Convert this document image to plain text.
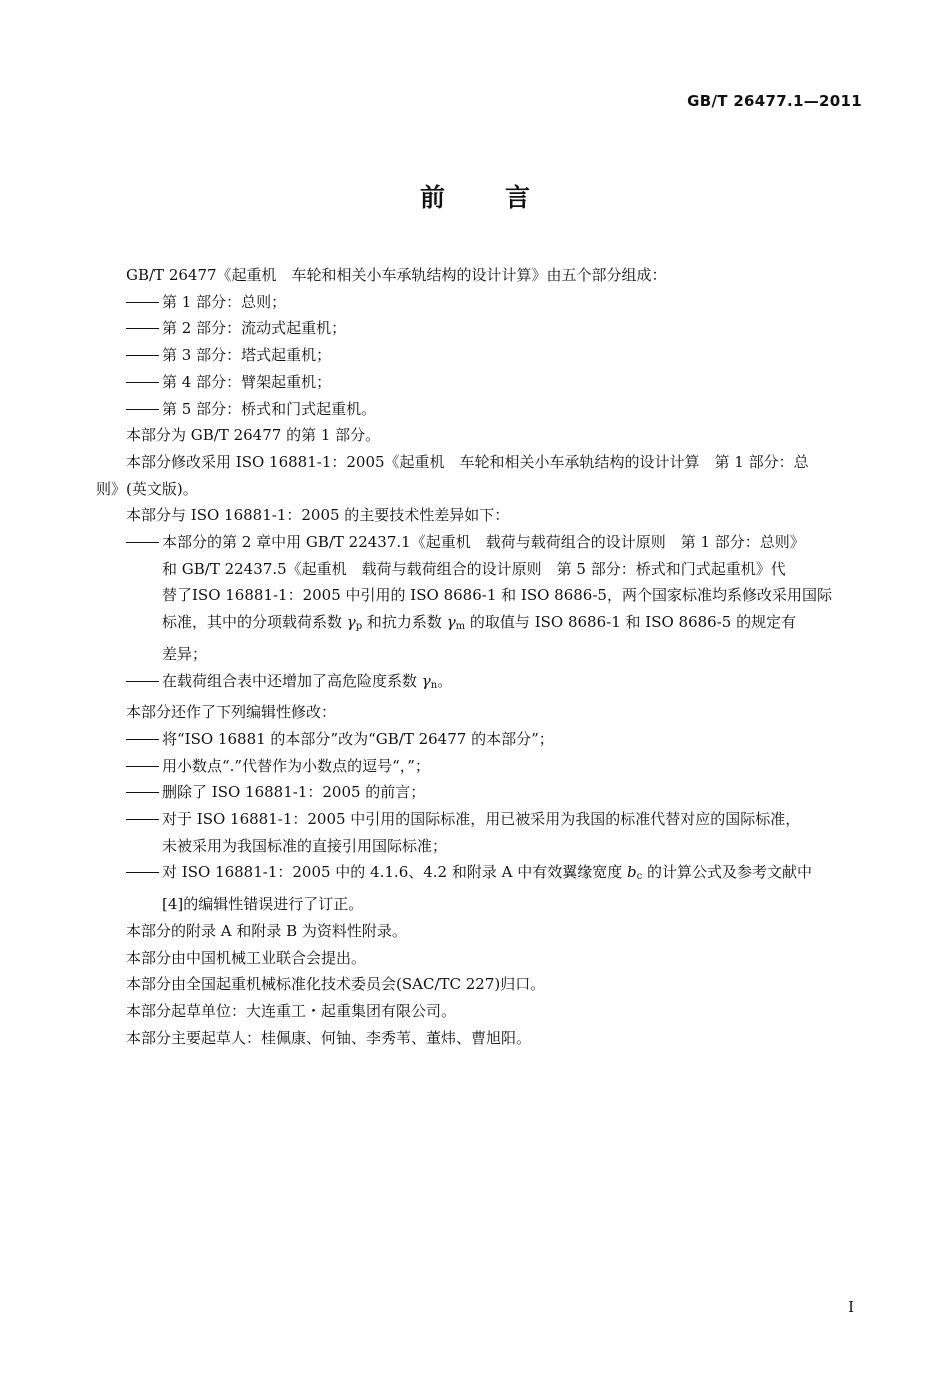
GB/T 26477.1—2011
前 言

GB/T 26477《起重机　车轮和相关小车承轨结构的设计计算》由五个部分组成：

第 1 部分：总则；

第 2 部分：流动式起重机；

第 3 部分：塔式起重机；

第 4 部分：臂架起重机；

第 5 部分：桥式和门式起重机。

本部分为 GB/T 26477 的第 1 部分。

本部分修改采用 ISO 16881-1：2005《起重机　车轮和相关小车承轨结构的设计计算　第 1 部分：总

则》(英文版)。

本部分与 ISO 16881-1：2005 的主要技术性差异如下：

本部分的第 2 章中用 GB/T 22437.1《起重机　载荷与载荷组合的设计原则　第 1 部分：总则》
和 GB/T 22437.5《起重机　载荷与载荷组合的设计原则　第 5 部分：桥式和门式起重机》代
替了ISO 16881-1：2005 中引用的 ISO 8686-1 和 ISO 8686-5，两个国家标准均系修改采用国际
标准，其中的分项载荷系数 $\gamma_p$ 和抗力系数 $\gamma_m$ 的取值与 ISO 8686-1 和 ISO 8686-5 的规定有
差异；

在载荷组合表中还增加了高危险度系数 $\gamma_n$。

本部分还作了下列编辑性修改：

将“ISO 16881 的本部分”改为“GB/T 26477 的本部分”；

用小数点“.”代替作为小数点的逗号“，”；

删除了 ISO 16881-1：2005 的前言；

对于 ISO 16881-1：2005 中引用的国际标准，用已被采用为我国的标准代替对应的国际标准，
未被采用为我国标准的直接引用国际标准；

对 ISO 16881-1：2005 中的 4.1.6、4.2 和附录 A 中有效翼缘宽度 $b_c$ 的计算公式及参考文献中
[4]的编辑性错误进行了订正。

本部分的附录 A 和附录 B 为资料性附录。

本部分由中国机械工业联合会提出。

本部分由全国起重机械标准化技术委员会(SAC/TC 227)归口。

本部分起草单位：大连重工・起重集团有限公司。

本部分主要起草人：桂佩康、何铀、李秀苇、董炜、曹旭阳。

I
